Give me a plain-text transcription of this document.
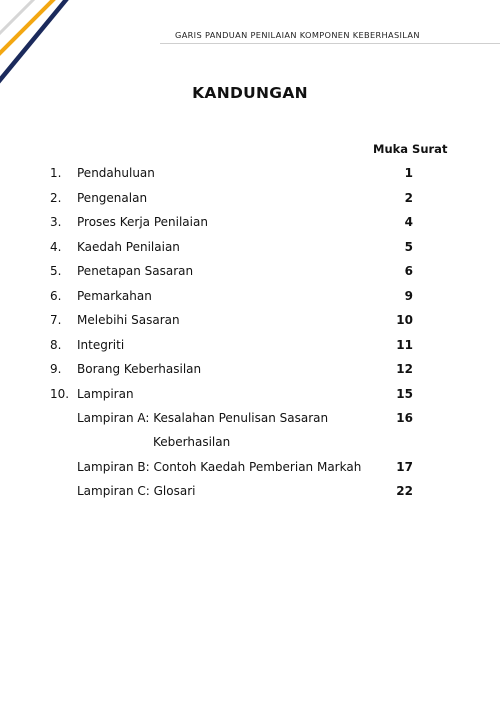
GARIS PANDUAN PENILAIAN KOMPONEN KEBERHASILAN
KANDUNGAN
Muka Surat
1. Pendahuluan	1
2. Pengenalan	2
3. Proses Kerja Penilaian	4
4. Kaedah Penilaian	5
5. Penetapan Sasaran	6
6. Pemarkahan	9
7. Melebihi Sasaran	10
8. Integriti	11
9. Borang Keberhasilan	12
10. Lampiran	15
Lampiran A: Kesalahan Penulisan Sasaran	16
Keberhasilan
Lampiran B: Contoh Kaedah Pemberian Markah	17
Lampiran C: Glosari	22
